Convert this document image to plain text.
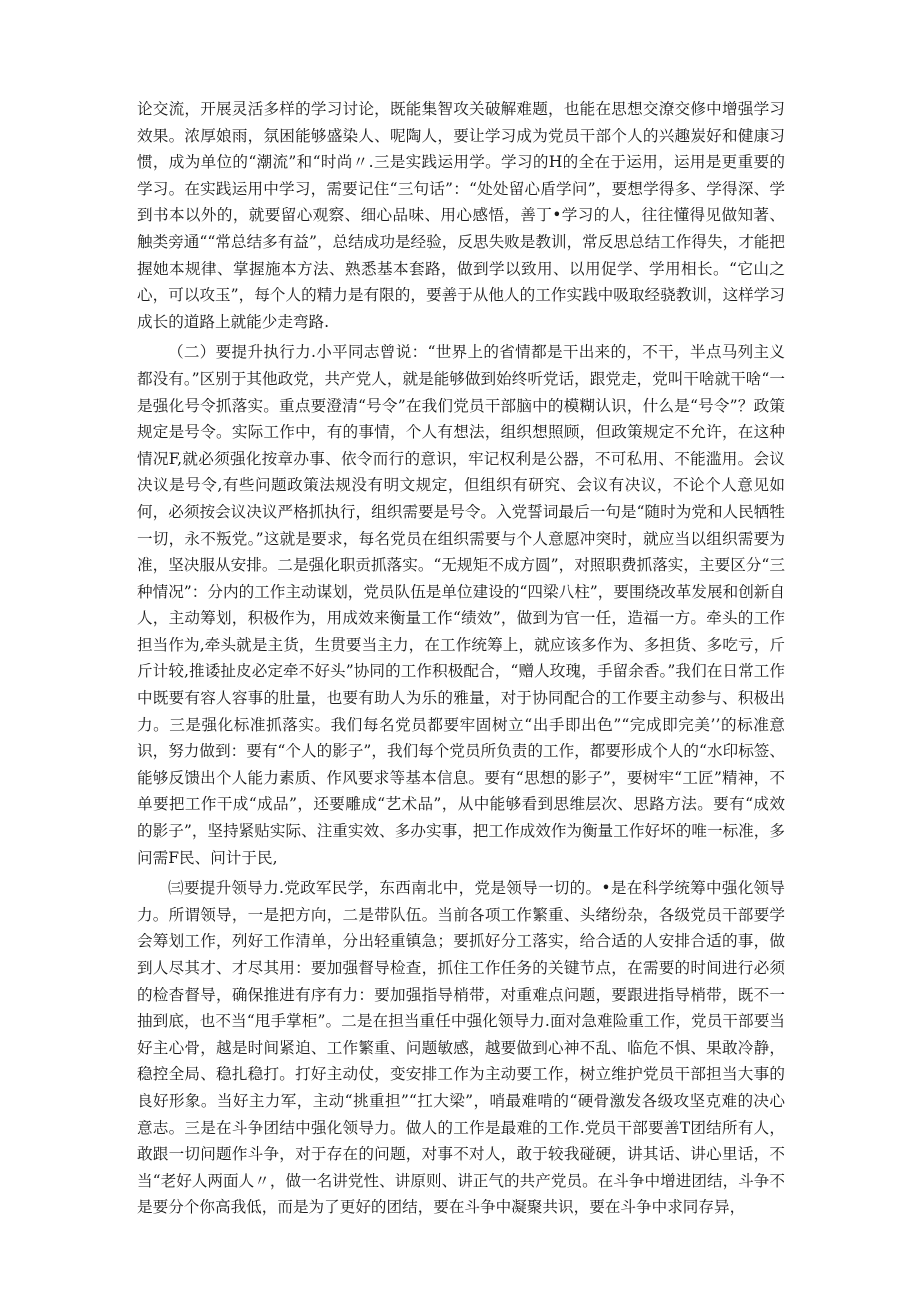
论交流，开展灵活多样的学习讨论，既能集智攻关破解难题，也能在思想交潦交修中增强学习效果。浓厚娘雨，氛困能够盛染人、呢陶人，要让学习成为党员干部个人的兴趣炭好和健康习惯，成为单位的“潮流”和“时尚〃.三是实践运用学。学习的H的全在于运用，运用是更重要的学习。在实践运用中学习，需要记住“三句话”：“处处留心盾学问”，要想学得多、学得深、学到书本以外的，就要留心观察、细心品味、用心感悟，善丁•学习的人，往往懂得见做知著、触类旁通““常总结多有益”，总结成功是经验，反思失败是教训，常反思总结工作得失，才能把握她本规律、掌握施本方法、熟悉基本套路，做到学以致用、以用促学、学用相长。“它山之心，可以攻玉”，每个人的精力是有限的，要善于从他人的工作实践中吸取经骁教训，这样学习成长的道路上就能少走弯路.

（二）要提升执行力.小平同志曾说：“世界上的省情都是干出来的，不干，半点马列主义都没有。”区别于其他政党，共产党人，就是能够做到始终听党话，跟党走，党叫干啥就干啥“一是强化号令抓落实。重点要澄清“号令”在我们党员干部脑中的模糊认识，什么是“号令”？政策规定是号令。实际工作中，有的事情，个人有想法，组织想照顾，但政策规定不允许，在这种情况F,就必须强化按章办事、依令而行的意识，牢记权利是公器，不可私用、不能滥用。会议决议是号令,有些问题政策法规没有明文规定，但组织有研究、会议有决议，不论个人意见如何，必须按会议决议严格抓执行，组织需要是号令。入党誓词最后一句是“随时为党和人民牺牲一切，永不叛党。”这就是要求，每名党员在组织需要与个人意愿冲突时，就应当以组织需要为准，坚决服从安排。二是强化职贡抓落实。“无规矩不成方圆”，对照职费抓落实，主要区分“三种情况”：分内的工作主动谋划，党员队伍是单位建设的“四梁八柱”，要围绕改革发展和创新自人，主动筹划，积极作为，用成效来衡量工作“绩效”，做到为官一任，造福一方。牵头的工作担当作为,牵头就是主货，生贯要当主力，在工作统筹上，就应该多作为、多担货、多吃亏，斤斤计较,推诿扯皮必定牵不好头”协同的工作积极配合，“赠人玫瑰，手留余香。”我们在日常工作中既要有容人容事的肚量，也要有助人为乐的雅量，对于协同配合的工作要主动参与、积极出力。三是强化标准抓落实。我们每名党员都要牢固树立“出手即出色”“完成即完美’’的标准意识，努力做到：要有“个人的影子”，我们每个党员所负责的工作，都要形成个人的“水印标签、能够反馈出个人能力素质、作风要求等基本信息。要有“思想的影子”，要树牢“工匠”精神，不单要把工作干成“成品”，还要雕成“艺术品”，从中能够看到思维层次、思路方法。要有“成效的影子”，坚持紧贴实际、注重实效、多办实事，把工作成效作为衡量工作好坏的唯一标准，多问需F民、问计于民,

㈢要提升领导力.党政军民学，东西南北中，党是领导一切的。•是在科学统筹中强化领导力。所谓领导，一是把方向，二是带队伍。当前各项工作繁重、头绪纷杂，各级党员干部要学会筹划工作，列好工作清单，分出轻重镇急；要抓好分工落实，给合适的人安排合适的事，做到人尽其才、才尽其用：要加强督导检查，抓住工作任务的关键节点，在需要的时间进行必须的检杳督导，确保推进有序有力：要加强指导梢带，对重难点问题，要跟进指导梢带，既不一抽到底，也不当“甩手掌柜”。二是在担当重任中强化领导力.面对急难险重工作，党员干部要当好主心骨，越是时间紧迫、工作繁重、问题敏感，越要做到心神不乱、临危不惧、果敢冷静，稳控全局、稳扎稳打。打好主动仗，变安排工作为主动要工作，树立维护党员干部担当大事的良好形象。当好主力军，主动“挑重担”“扛大梁”，哨最难啃的“硬骨激发各级攻坚克难的决心意志。三是在斗争团结中强化领导力。做人的工作是最难的工作.党员干部要善T团结所有人，敢跟一切问题作斗争，对于存在的问题，对事不对人，敢于较我碰硬，讲其话、讲心里话，不当“老好人两面人〃，做一名讲党性、讲原则、讲正气的共产党员。在斗争中增进团结，斗争不是要分个你高我低，而是为了更好的团结，要在斗争中凝聚共识，要在斗争中求同存异，
